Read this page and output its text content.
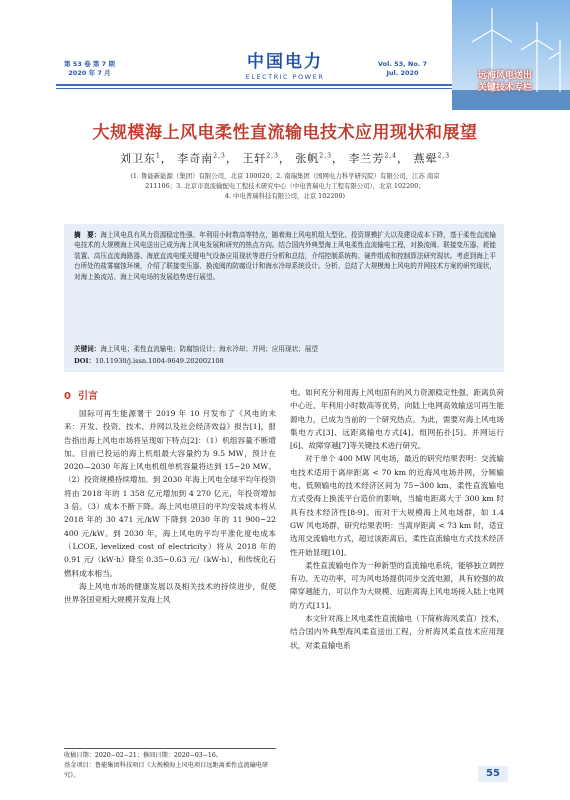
第 53 卷 第 7 期
2020 年 7 月
中国电力
ELECTRIC POWER
Vol. 53, No. 7
Jul. 2020	远海风电送出
关键技术专栏
大规模海上风电柔性直流输电技术应用现状和展望
刘卫东$^1$， 李奇南$^{2,3}$， 王轩$^{2,3}$， 张帆$^{2,3}$， 李兰芳$^{2,4}$， 燕翚$^{2,3}$
(1. 鲁能新能源（集团）有限公司，北京 100020；2. 南瑞集团（国网电力科学研究院）有限公司，江苏 南京
211106；3. 北京市直流输配电工程技术研究中心（中电普瑞电力工程有限公司），北京 102200；
4. 中电普瑞科技有限公司，北京 102200)
摘　要：海上风电具有风力资源稳定性强、年利用小时数高等特点，随着海上风电机组大型化、投资规模扩大以及建设成本下降，基于柔性直流输电技术的大规模海上风电送出已成为海上风电发展和研究的热点方向。结合国内外典型海上风电柔性直流输电工程，对换流阀、联接变压器、耗能装置、高压直流海路器、海底直流电缆关键电气设备应用现状等进行分析和总结，介绍控制系统构、硬件组成和控制算法研究现状。考虑到海上平台所处的盐雾腐蚀环境，介绍了联接变压器、换流阀的防腐设计和海水冷却系统设计。分析、总结了大规模海上风电的并网技术方案的研究现状，对海上换流站、海上风电场的发展趋势进行展望。
关键词：海上风电；柔性直流输电；防腐蚀设计；海水冷却；并网；应用现状；展望
DOI：10.11930/j.issn.1004-9649.202002108
0 引言

国际可再生能源署于 2019 年 10 月发布了《风电的未来：开发、投资、技术、并网以及社会经济效益》报告[1]，报告指出海上风电市场将呈现如下特点[2]：（1）机组容量不断增加。目前已投运的海上机组最大容量约为 9.5 MW，预计在 2020—2030 年海上风电机组单机容量将达到 15~20 MW。（2）投资规模持续增加。到 2030 年海上风电全球平均年投资将由 2018 年的 1 358 亿元增加到 4 270 亿元，年投资增加 3 倍。（3）成本不断下降。海上风电项目的平均安装成本将从 2018 年的 30 471 元/kW 下降到 2030 年的 11 900~22 400 元/kW。到 2030 年，海上风电的平均平准化度电成本（LCOE, levelized cost of electricity）将从 2018 年的 0.91 元/（kW·h）降至 0.35~0.63 元/（kW·h），和传统化石燃料成本相当。

海上风电市场的健康发展以及相关技术的持续进步，促使世界各国竞相大规模开发海上风

电。如何充分利用海上风电固有的风力资源稳定性强、距离负荷中心近、年利用小时数高等优势，向陆上电网高效输送可再生能源电力，已成为当前的一个研究热点。为此，需要对海上风电场集电方式[3]、远距离输电方式[4]、组网拓扑[5]、并网运行[6]、故障穿越[7]等关键技术进行研究。

对于单个 400 MW 风电场，最近的研究结果表明：交流输电技术适用于离岸距离 < 70 km 的近海风电场并网，分频输电、低频输电的技术经济区间为 75~300 km，柔性直流输电方式受海上换流平台造价的影响，当输电距离大于 300 km 时具有技术经济性[8-9]。而对于大规模海上风电场群，如 1.4 GW 风电场群，研究结果表明：当离岸距离 < 73 km 时，适宜选用交流输电方式，超过该距离后，柔性直流输电方式技术经济性开始显现[10]。

柔性直流输电作为一种新型的直流输电系统，能够独立调控有功、无功功率，可为风电场提供同步交流电源，具有较强的故障穿越能力，可以作为大规模、远距离海上风电场接入陆上电网的方式[11]。

本文针对海上风电柔性直流输电（下简称海风柔直）技术，结合国内外典型海风柔直送出工程，分析海风柔直技术应用现状，对柔直输电系

收稿日期：2020−02−21；修回日期：2020−03−16。
基金项目：鲁能集团科技项目《大规模海上风电项目远距离柔性直流输电研究》。	55
